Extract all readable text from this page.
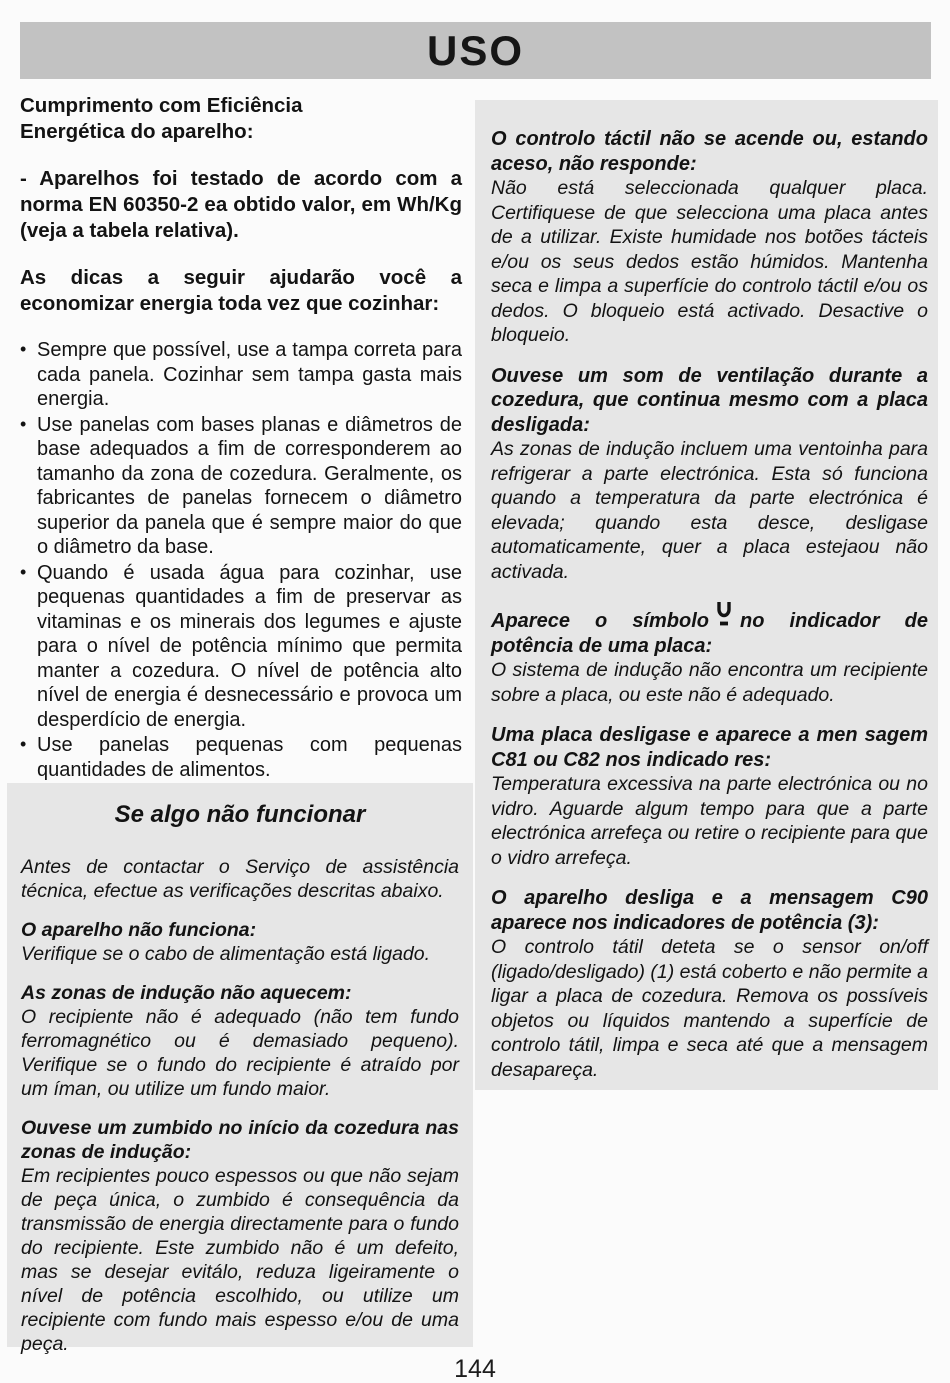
USO

Cumprimento com Eficiência
Energética do aparelho:

- Aparelhos foi testado de acordo com a norma EN 60350-2 ea obtido valor, em Wh/Kg (veja a tabela relativa).

As dicas a seguir ajudarão você a economizar energia toda vez que cozinhar:

• Sempre que possível, use a tampa correta para cada panela. Cozinhar sem tampa gasta mais energia.
• Use panelas com bases planas e diâmetros de base adequados a fim de corresponderem ao tamanho da zona de cozedura. Geralmente, os fabricantes de panelas fornecem o diâmetro superior da panela que é sempre maior do que o diâmetro da base.
• Quando é usada água para cozinhar, use pequenas quantidades a fim de preservar as vitaminas e os minerais dos legumes e ajuste para o nível de potência mínimo que permita manter a cozedura. O nível de potência alto nível de energia é desnecessário e provoca um desperdício de energia.
• Use panelas pequenas com pequenas quantidades de alimentos.
Se algo não funcionar

Antes de contactar o Serviço de assistência técnica, efectue as verificações descritas abaixo.

O aparelho não funciona:

Verifique se o cabo de alimentação está ligado.

As zonas de indução não aquecem:

O recipiente não é adequado (não tem fundo ferromagnético ou é demasiado pequeno). Verifique se o fundo do recipiente é atraído por um íman, ou utilize um fundo maior.

Ouvese um zumbido no início da cozedura nas zonas de indução:

Em recipientes pouco espessos ou que não sejam de peça única, o zumbido é consequência da transmissão de energia directamente para o fundo do recipiente. Este zumbido não é um defeito, mas se desejar evitálo, reduza ligeiramente o nível de potência escolhido, ou utilize um recipiente com fundo mais espesso e/ou de uma peça.

O controlo táctil não se acende ou, estando aceso, não responde:

Não está seleccionada qualquer placa. Certifiquese de que selecciona uma placa antes de a utilizar. Existe humidade nos botões tácteis e/ou os seus dedos estão húmidos. Mantenha seca e limpa a superfície do controlo táctil e/ou os dedos. O bloqueio está activado. Desactive o bloqueio.

Ouvese um som de ventilação durante a cozedura, que continua mesmo com a placa desligada:

As zonas de indução incluem uma ventoinha para refrigerar a parte electrónica. Esta só funciona quando a temperatura da parte electrónica é elevada; quando esta desce, desligase automaticamente, quer a placa estejaou não activada.

Aparece o símbolo no indicador de potência de uma placa:

O sistema de indução não encontra um recipiente sobre a placa, ou este não é adequado.

Uma placa desligase e aparece a men sagem C81 ou C82 nos indicado res:

Temperatura excessiva na parte electrónica ou no vidro. Aguarde algum tempo para que a parte electrónica arrefeça ou retire o recipiente para que o vidro arrefeça.

O aparelho desliga e a mensagem C90 aparece nos indicadores de potência (3):

O controlo tátil deteta se o sensor on/off (ligado/desligado) (1) está coberto e não permite a ligar a placa de cozedura. Remova os possíveis objetos ou líquidos mantendo a superfície de controlo tátil, limpa e seca até que a mensagem desapareça.

144
